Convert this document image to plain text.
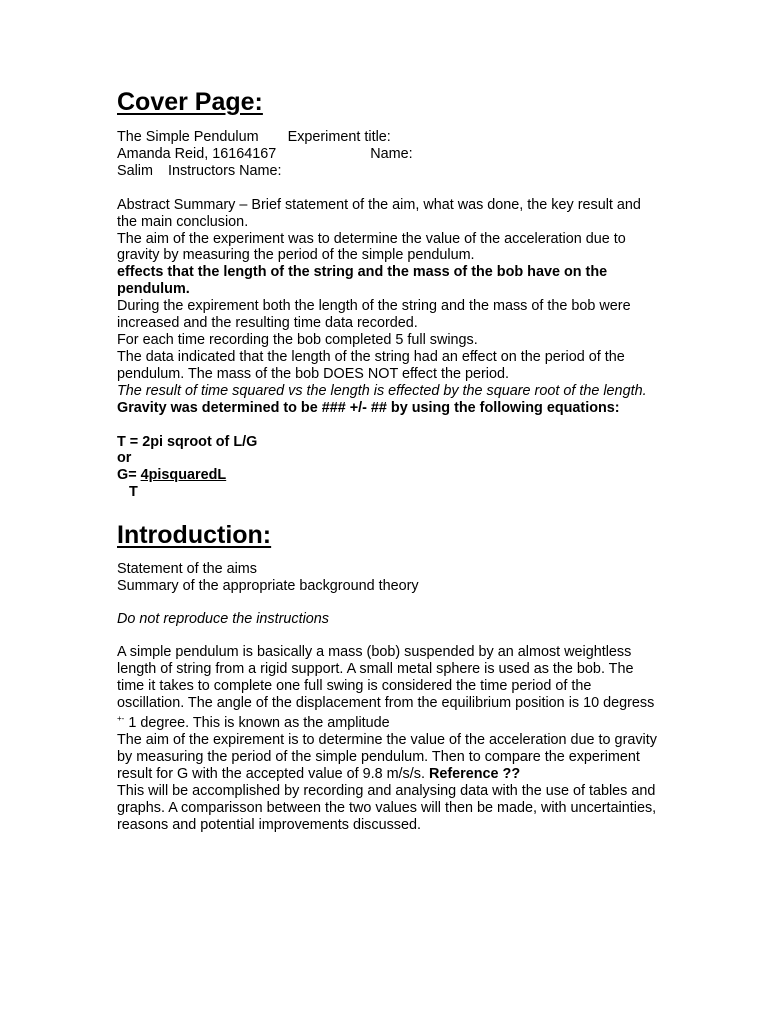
Cover Page:
The Simple Pendulum Experiment title:
Amanda Reid, 16164167	Name:
Salim Instructors Name:

Abstract Summary – Brief statement of the aim, what was done, the key result and the main conclusion.

The aim of the experiment was to determine the value of the acceleration due to gravity by measuring the period of the simple pendulum.

effects that the length of the string and the mass of the bob have on the pendulum.

During the expirement both the length of the string and the mass of the bob were increased and the resulting time data recorded.

For each time recording the bob completed 5 full swings.

The data indicated that the length of the string had an effect on the period of the pendulum. The mass of the bob DOES NOT effect the period.

The result of time squared vs the length is effected by the square root of the length.

Gravity was determined to be ### +/- ## by using the following equations:

T = 2pi sqroot of L/G

or

G= 4pisquaredL

T

Introduction:

Statement of the aims

Summary of the appropriate background theory

Do not reproduce the instructions

A simple pendulum is basically a mass (bob) suspended by an almost weightless length of string from a rigid support. A small metal sphere is used as the bob. The time it takes to complete one full swing is considered the time period of the oscillation. The angle of the displacement from the equilibrium position is 10 degress +- 1 degree. This is known as the amplitude

The aim of the expirement is to determine the value of the acceleration due to gravity by measuring the period of the simple pendulum. Then to compare the experiment result for G with the accepted value of 9.8 m/s/s. Reference ??

This will be accomplished by recording and analysing data with the use of tables and graphs. A comparisson between the two values will then be made, with uncertainties, reasons and potential improvements discussed.
